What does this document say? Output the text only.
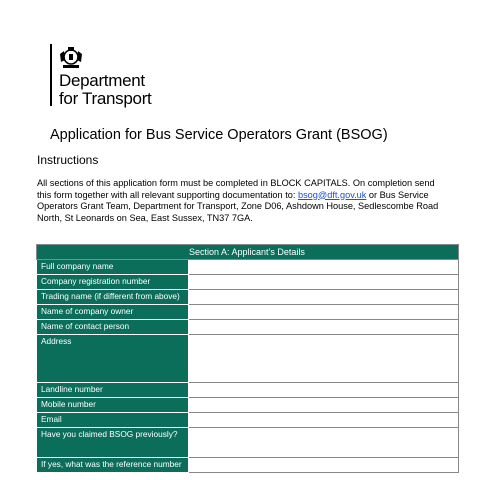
Department
for Transport
Application for Bus Service Operators Grant (BSOG)
Instructions
All sections of this application form must be completed in BLOCK CAPITALS. On completion send this form together with all relevant supporting documentation to: bsog@dft.gov.uk or Bus Service Operators Grant Team, Department for Transport, Zone D06, Ashdown House, Sedlescombe Road North, St Leonards on Sea, East Sussex, TN37 7GA.
Section A: Applicant’s Details	

Full company name	
Company registration number	
Trading name (if different from above)	
Name of company owner	
Name of contact person	
Address	
Landline number	
Mobile number	
Email	
Have you claimed BSOG previously?	
If yes, what was the reference number	
